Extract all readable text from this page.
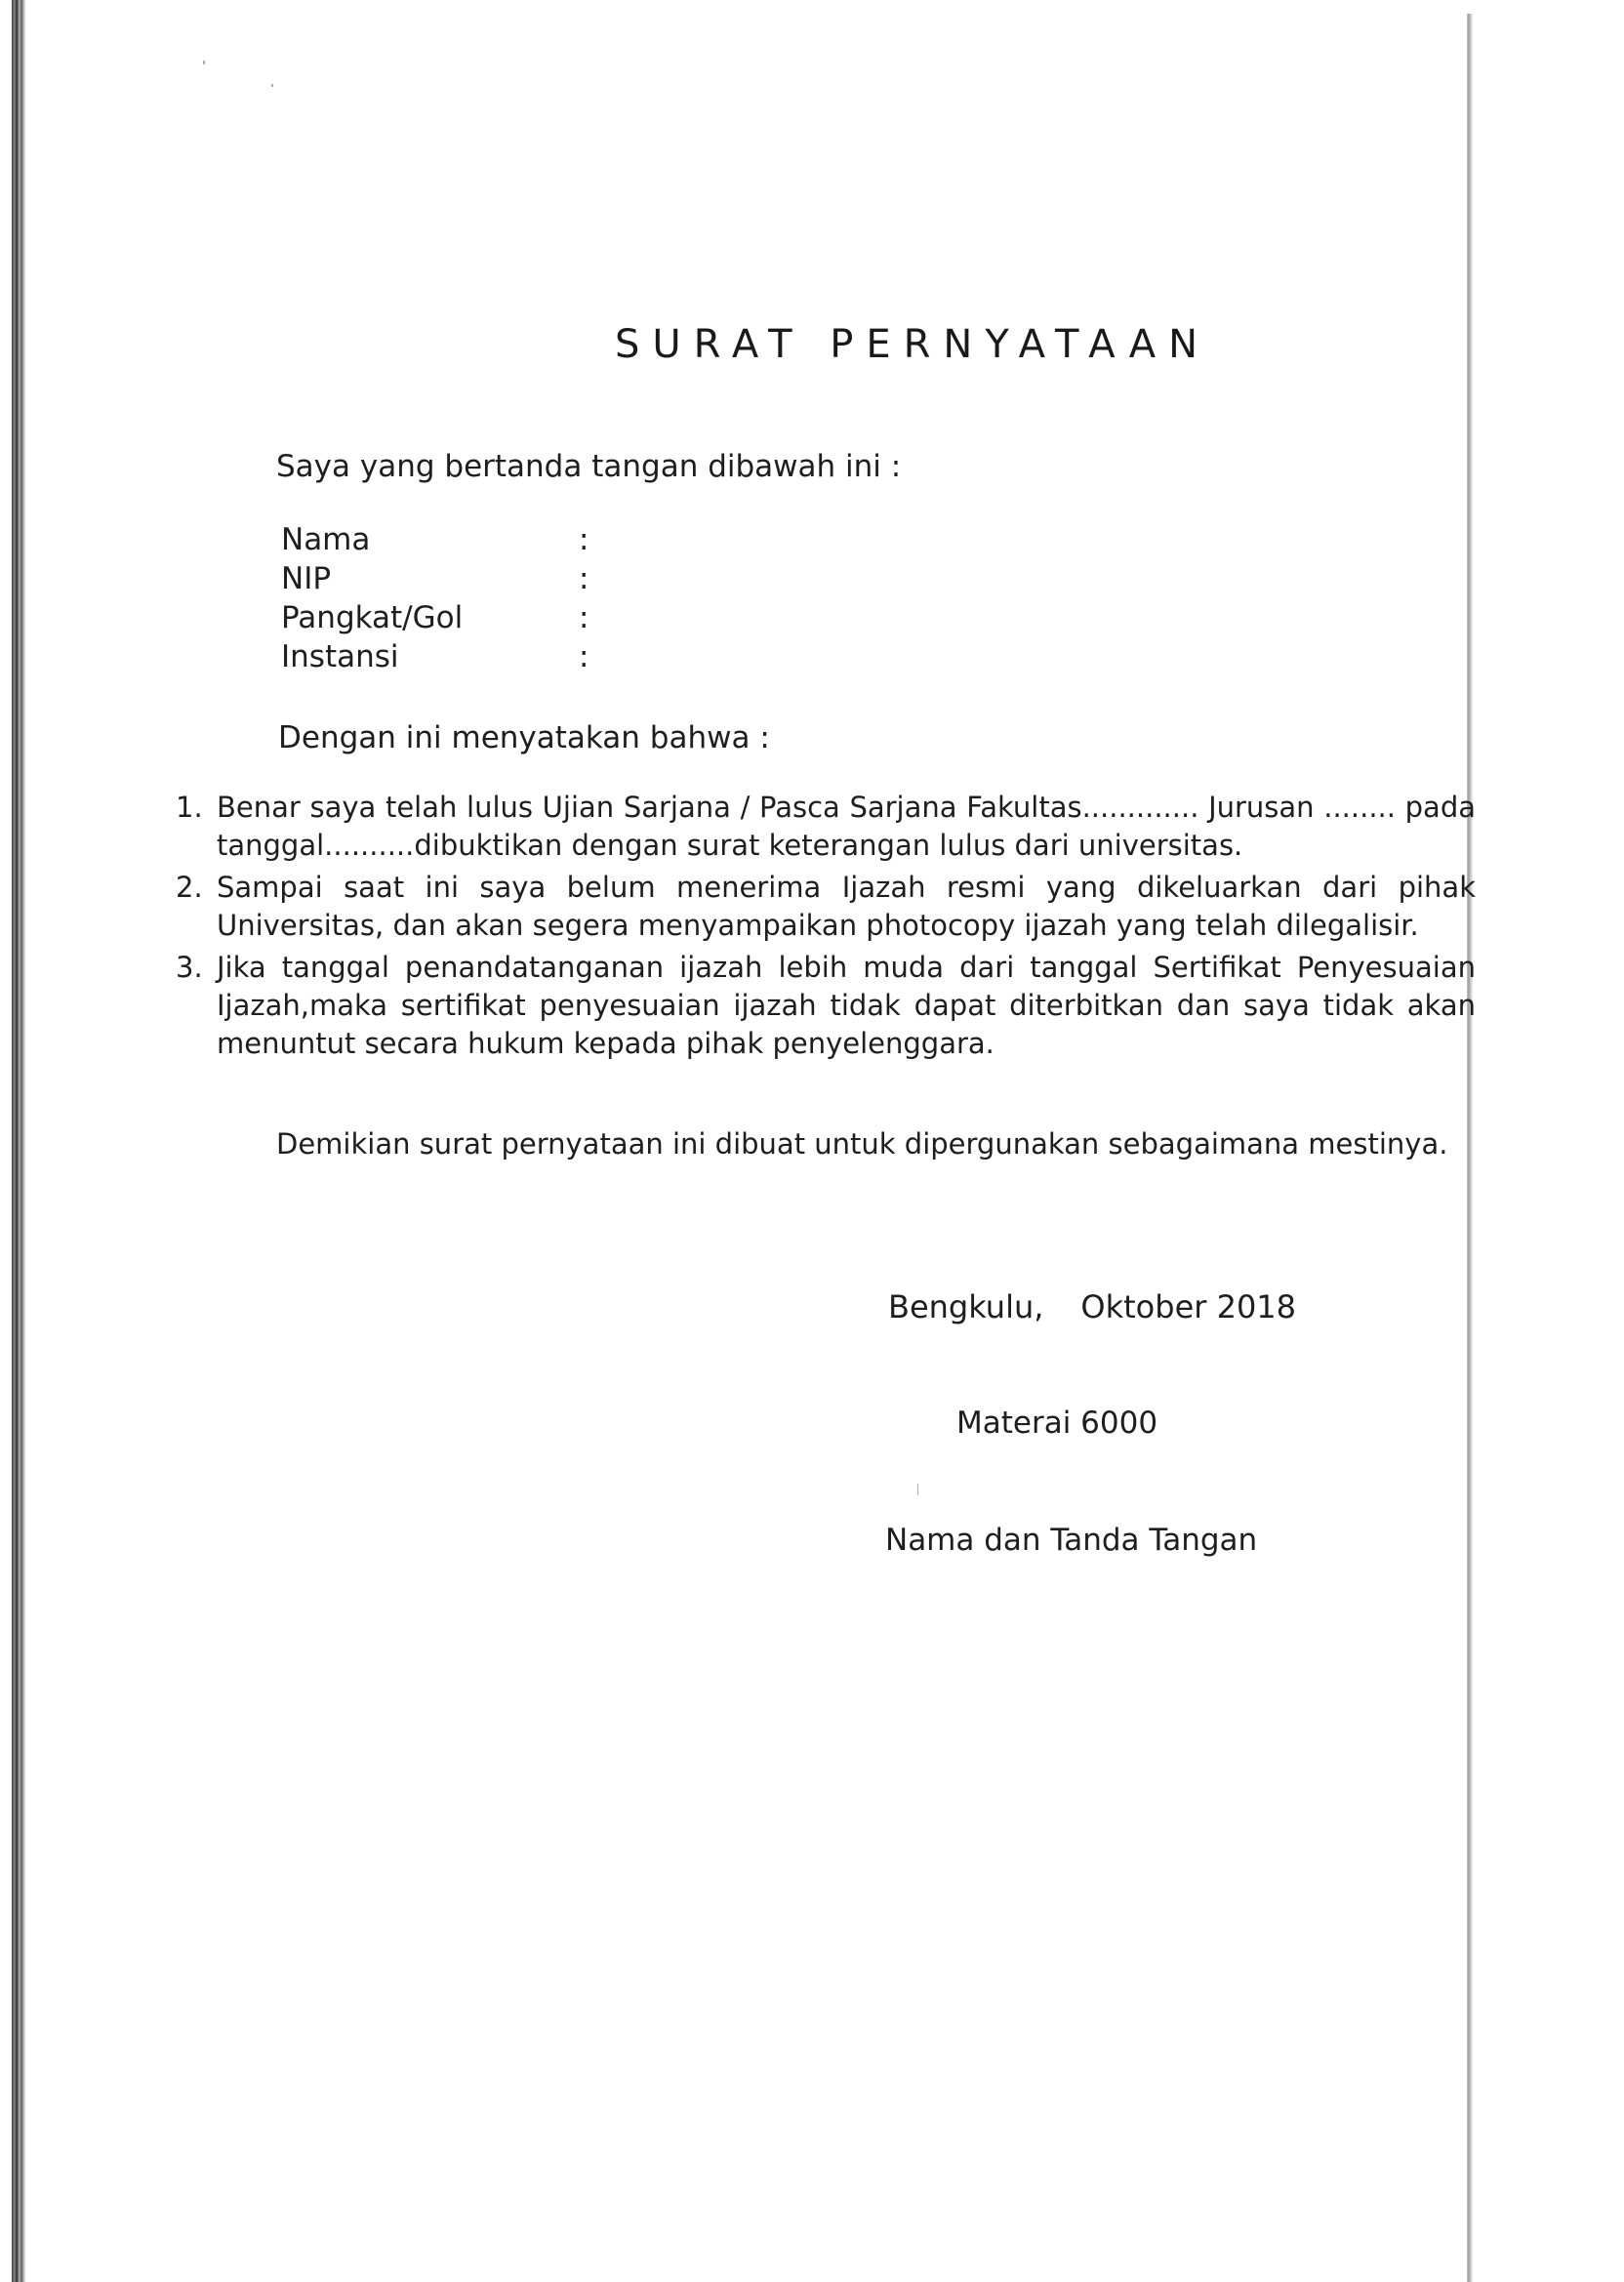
SURAT PERNYATAAN
Saya yang bertanda tangan dibawah ini :
Nama	:
NIP	:
Pangkat/Gol	:
Instansi	:
Dengan ini menyatakan bahwa :
1. Benar saya telah lulus Ujian Sarjana / Pasca Sarjana Fakultas............. Jurusan ........ pada tanggal..........dibuktikan dengan surat keterangan lulus dari universitas.
2. Sampai saat ini saya belum menerima Ijazah resmi yang dikeluarkan dari pihak Universitas, dan akan segera menyampaikan photocopy ijazah yang telah dilegalisir.
3. Jika tanggal penandatanganan ijazah lebih muda dari tanggal Sertifikat Penyesuaian Ijazah,maka sertifikat penyesuaian ijazah tidak dapat diterbitkan dan saya tidak akan menuntut secara hukum kepada pihak penyelenggara.
Demikian surat pernyataan ini dibuat untuk dipergunakan sebagaimana mestinya.
Bengkulu, Oktober 2018
Materai 6000
Nama dan Tanda Tangan
